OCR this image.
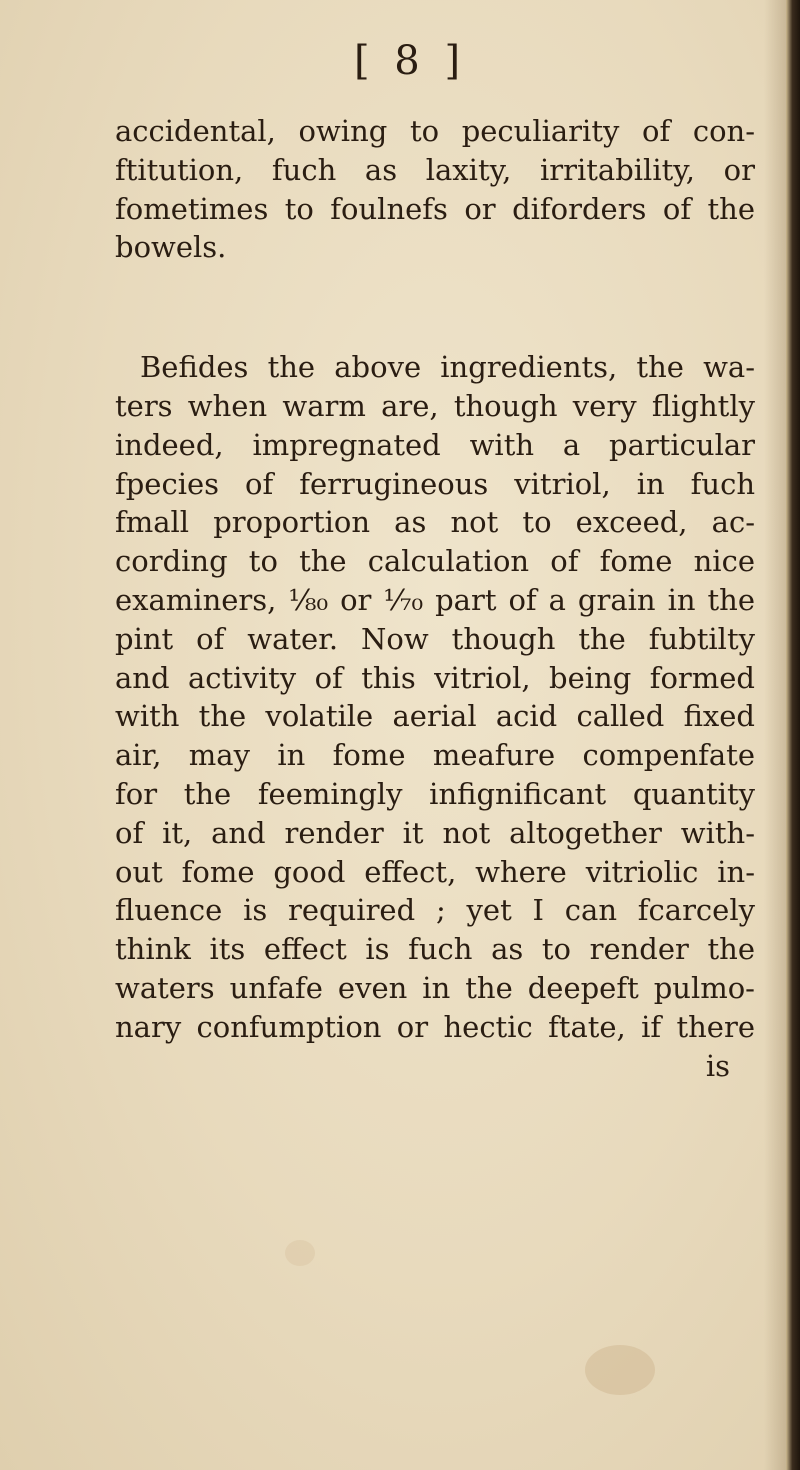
[ 8 ]
accidental, owing to peculiarity of con-
ftitution, fuch as laxity, irritability, or
fometimes to foulnefs or diforders of the
bowels.
Befides the above ingredients, the wa-
ters when warm are, though very flightly
indeed, impregnated with a particular
fpecies of ferrugineous vitriol, in fuch
fmall proportion as not to exceed, ac-
cording to the calculation of fome nice
examiners, ⅛₀ or ⅟₇₀ part of a grain in the
pint of water. Now though the fubtilty
and activity of this vitriol, being formed
with the volatile aerial acid called fixed
air, may in fome meafure compenfate
for the feemingly infignificant quantity
of it, and render it not altogether with-
out fome good effect, where vitriolic in-
fluence is required ; yet I can fcarcely
think its effect is fuch as to render the
waters unfafe even in the deepeft pulmo-
nary confumption or hectic ftate, if there
is
